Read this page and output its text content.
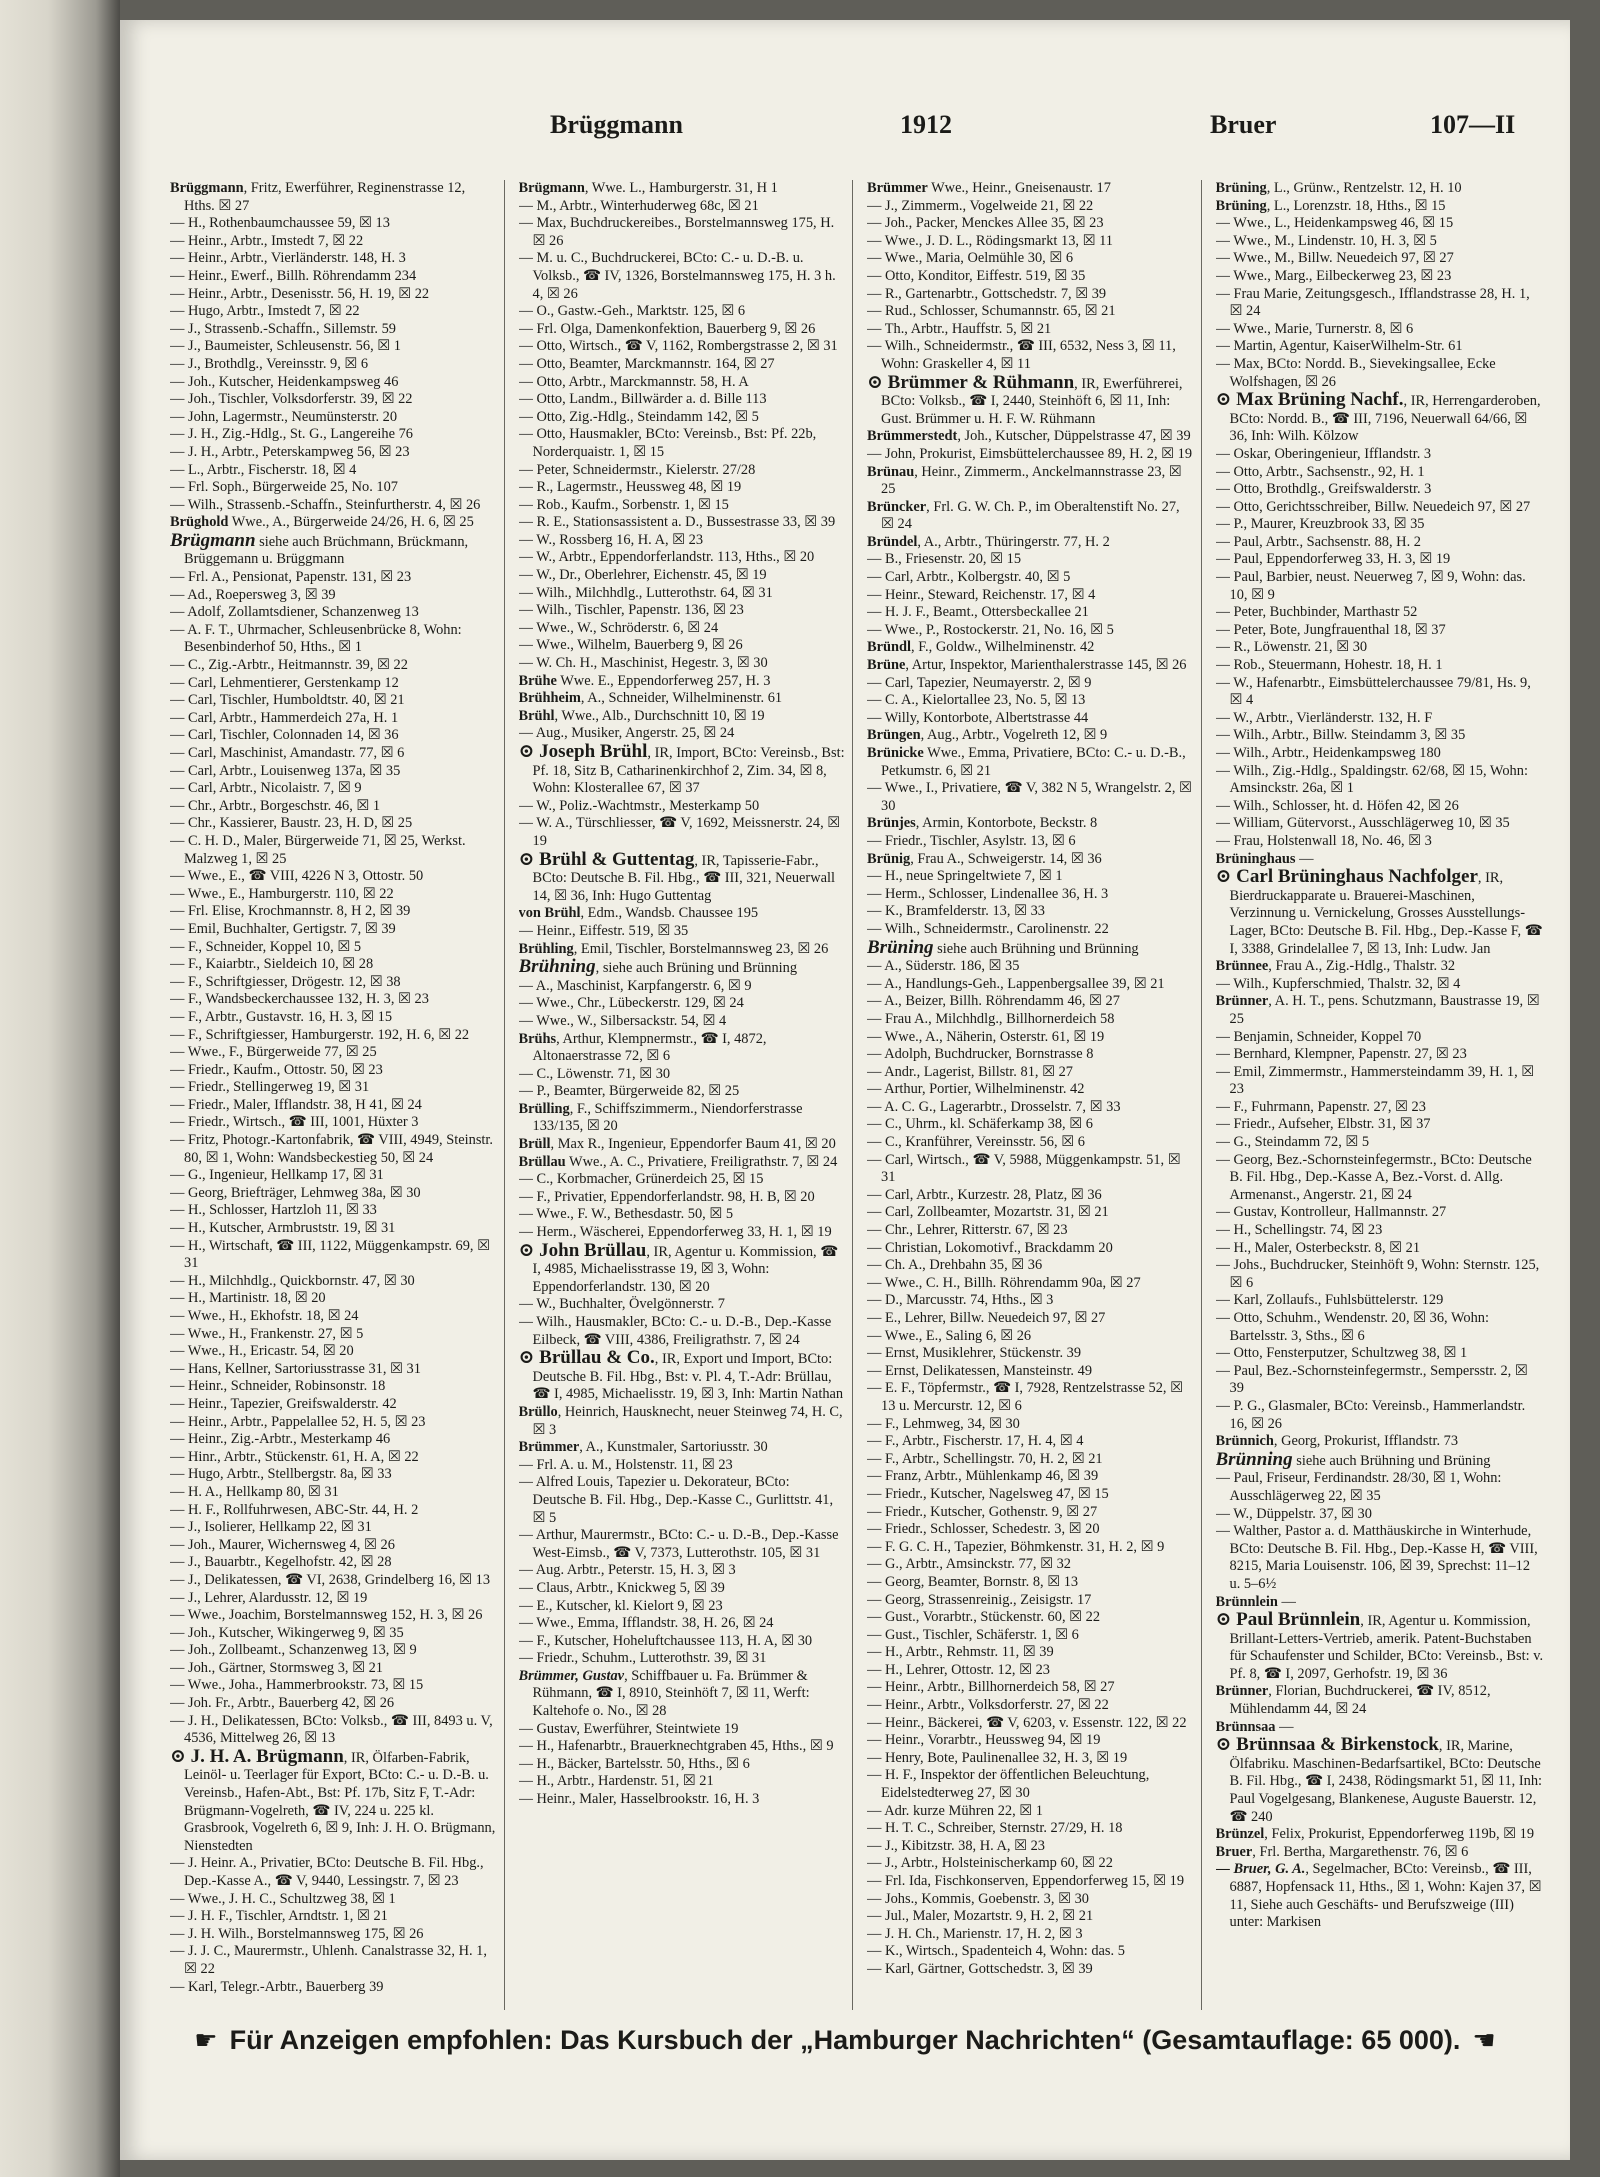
Brüggmann	1912	Bruer	107—II

Brüggmann, Fritz, Ewerführer, Reginenstrasse 12, Hths. ☒ 27

— H., Rothenbaumchaussee 59, ☒ 13

— Heinr., Arbtr., Imstedt 7, ☒ 22

— Heinr., Arbtr., Vierländerstr. 148, H. 3

— Heinr., Ewerf., Billh. Röhrendamm 234

— Heinr., Arbtr., Desenisstr. 56, H. 19, ☒ 22

— Hugo, Arbtr., Imstedt 7, ☒ 22

— J., Strassenb.-Schaffn., Sillemstr. 59

— J., Baumeister, Schleusenstr. 56, ☒ 1

— J., Brothdlg., Vereinsstr. 9, ☒ 6

— Joh., Kutscher, Heidenkampsweg 46

— Joh., Tischler, Volksdorferstr. 39, ☒ 22

— John, Lagermstr., Neumünsterstr. 20

— J. H., Zig.-Hdlg., St. G., Langereihe 76

— J. H., Arbtr., Peterskampweg 56, ☒ 23

— L., Arbtr., Fischerstr. 18, ☒ 4

— Frl. Soph., Bürgerweide 25, No. 107

— Wilh., Strassenb.-Schaffn., Steinfurtherstr. 4, ☒ 26

Brüghold Wwe., A., Bürgerweide 24/26, H. 6, ☒ 25

Brügmann siehe auch Brüchmann, Brückmann, Brüggemann u. Brüggmann

— Frl. A., Pensionat, Papenstr. 131, ☒ 23

— Ad., Roepersweg 3, ☒ 39

— Adolf, Zollamtsdiener, Schanzenweg 13

— A. F. T., Uhrmacher, Schleusenbrücke 8, Wohn: Besenbinderhof 50, Hths., ☒ 1

— C., Zig.-Arbtr., Heitmannstr. 39, ☒ 22

— Carl, Lehmentierer, Gerstenkamp 12

— Carl, Tischler, Humboldtstr. 40, ☒ 21

— Carl, Arbtr., Hammerdeich 27a, H. 1

— Carl, Tischler, Colonnaden 14, ☒ 36

— Carl, Maschinist, Amandastr. 77, ☒ 6

— Carl, Arbtr., Louisenweg 137a, ☒ 35

— Carl, Arbtr., Nicolaistr. 7, ☒ 9

— Chr., Arbtr., Borgeschstr. 46, ☒ 1

— Chr., Kassierer, Baustr. 23, H. D, ☒ 25

— C. H. D., Maler, Bürgerweide 71, ☒ 25, Werkst. Malzweg 1, ☒ 25

— Wwe., E., ☎ VIII, 4226 N 3, Ottostr. 50

— Wwe., E., Hamburgerstr. 110, ☒ 22

— Frl. Elise, Krochmannstr. 8, H 2, ☒ 39

— Emil, Buchhalter, Gertigstr. 7, ☒ 39

— F., Schneider, Koppel 10, ☒ 5

— F., Kaiarbtr., Sieldeich 10, ☒ 28

— F., Schriftgiesser, Drögestr. 12, ☒ 38

— F., Wandsbeckerchaussee 132, H. 3, ☒ 23

— F., Arbtr., Gustavstr. 16, H. 3, ☒ 15

— F., Schriftgiesser, Hamburgerstr. 192, H. 6, ☒ 22

— Wwe., F., Bürgerweide 77, ☒ 25

— Friedr., Kaufm., Ottostr. 50, ☒ 23

— Friedr., Stellingerweg 19, ☒ 31

— Friedr., Maler, Ifflandstr. 38, H 41, ☒ 24

— Friedr., Wirtsch., ☎ III, 1001, Hüxter 3

— Fritz, Photogr.-Kartonfabrik, ☎ VIII, 4949, Steinstr. 80, ☒ 1, Wohn: Wandsbeckestieg 50, ☒ 24

— G., Ingenieur, Hellkamp 17, ☒ 31

— Georg, Briefträger, Lehmweg 38a, ☒ 30

— H., Schlosser, Hartzloh 11, ☒ 33

— H., Kutscher, Armbruststr. 19, ☒ 31

— H., Wirtschaft, ☎ III, 1122, Müggenkampstr. 69, ☒ 31

— H., Milchhdlg., Quickbornstr. 47, ☒ 30

— H., Martinistr. 18, ☒ 20

— Wwe., H., Ekhofstr. 18, ☒ 24

— Wwe., H., Frankenstr. 27, ☒ 5

— Wwe., H., Ericastr. 54, ☒ 20

— Hans, Kellner, Sartoriusstrasse 31, ☒ 31

— Heinr., Schneider, Robinsonstr. 18

— Heinr., Tapezier, Greifswalderstr. 42

— Heinr., Arbtr., Pappelallee 52, H. 5, ☒ 23

— Heinr., Zig.-Arbtr., Mesterkamp 46

— Hinr., Arbtr., Stückenstr. 61, H. A, ☒ 22

— Hugo, Arbtr., Stellbergstr. 8a, ☒ 33

— H. A., Hellkamp 80, ☒ 31

— H. F., Rollfuhrwesen, ABC-Str. 44, H. 2

— J., Isolierer, Hellkamp 22, ☒ 31

— Joh., Maurer, Wichernsweg 4, ☒ 26

— J., Bauarbtr., Kegelhofstr. 42, ☒ 28

— J., Delikatessen, ☎ VI, 2638, Grindelberg 16, ☒ 13

— J., Lehrer, Alardusstr. 12, ☒ 19

— Wwe., Joachim, Borstelmannsweg 152, H. 3, ☒ 26

— Joh., Kutscher, Wikingerweg 9, ☒ 35

— Joh., Zollbeamt., Schanzenweg 13, ☒ 9

— Joh., Gärtner, Stormsweg 3, ☒ 21

— Wwe., Joha., Hammerbrookstr. 73, ☒ 15

— Joh. Fr., Arbtr., Bauerberg 42, ☒ 26

— J. H., Delikatessen, BCto: Volksb., ☎ III, 8493 u. V, 4536, Mittelweg 26, ☒ 13

⊙ J. H. A. Brügmann, IR, Ölfarben-Fabrik, Leinöl- u. Teerlager für Export, BCto: C.- u. D.-B. u. Vereinsb., Hafen-Abt., Bst: Pf. 17b, Sitz F, T.-Adr: Brügmann-Vogelreth, ☎ IV, 224 u. 225 kl. Grasbrook, Vogelreth 6, ☒ 9, Inh: J. H. O. Brügmann, Nienstedten

— J. Heinr. A., Privatier, BCto: Deutsche B. Fil. Hbg., Dep.-Kasse A., ☎ V, 9440, Lessingstr. 7, ☒ 23

— Wwe., J. H. C., Schultzweg 38, ☒ 1

— J. H. F., Tischler, Arndtstr. 1, ☒ 21

— J. H. Wilh., Borstelmannsweg 175, ☒ 26

— J. J. C., Maurermstr., Uhlenh. Canalstrasse 32, H. 1, ☒ 22

— Karl, Telegr.-Arbtr., Bauerberg 39

Brügmann, Wwe. L., Hamburgerstr. 31, H 1

— M., Arbtr., Winterhuderweg 68c, ☒ 21

— Max, Buchdruckereibes., Borstelmannsweg 175, H. ☒ 26

— M. u. C., Buchdruckerei, BCto: C.- u. D.-B. u. Volksb., ☎ IV, 1326, Borstelmannsweg 175, H. 3 h. 4, ☒ 26

— O., Gastw.-Geh., Marktstr. 125, ☒ 6

— Frl. Olga, Damenkonfektion, Bauerberg 9, ☒ 26

— Otto, Wirtsch., ☎ V, 1162, Rombergstrasse 2, ☒ 31

— Otto, Beamter, Marckmannstr. 164, ☒ 27

— Otto, Arbtr., Marckmannstr. 58, H. A

— Otto, Landm., Billwärder a. d. Bille 113

— Otto, Zig.-Hdlg., Steindamm 142, ☒ 5

— Otto, Hausmakler, BCto: Vereinsb., Bst: Pf. 22b, Norderquaistr. 1, ☒ 15

— Peter, Schneidermstr., Kielerstr. 27/28

— R., Lagermstr., Heussweg 48, ☒ 19

— Rob., Kaufm., Sorbenstr. 1, ☒ 15

— R. E., Stationsassistent a. D., Bussestrasse 33, ☒ 39

— W., Rossberg 16, H. A, ☒ 23

— W., Arbtr., Eppendorferlandstr. 113, Hths., ☒ 20

— W., Dr., Oberlehrer, Eichenstr. 45, ☒ 19

— Wilh., Milchhdlg., Lutterothstr. 64, ☒ 31

— Wilh., Tischler, Papenstr. 136, ☒ 23

— Wwe., W., Schröderstr. 6, ☒ 24

— Wwe., Wilhelm, Bauerberg 9, ☒ 26

— W. Ch. H., Maschinist, Hegestr. 3, ☒ 30

Brühe Wwe. E., Eppendorferweg 257, H. 3

Brühheim, A., Schneider, Wilhelminenstr. 61

Brühl, Wwe., Alb., Durchschnitt 10, ☒ 19

— Aug., Musiker, Angerstr. 25, ☒ 24

⊙ Joseph Brühl, IR, Import, BCto: Vereinsb., Bst: Pf. 18, Sitz B, Catharinenkirchhof 2, Zim. 34, ☒ 8, Wohn: Klosterallee 67, ☒ 37

— W., Poliz.-Wachtmstr., Mesterkamp 50

— W. A., Türschliesser, ☎ V, 1692, Meissnerstr. 24, ☒ 19

⊙ Brühl & Guttentag, IR, Tapisserie-Fabr., BCto: Deutsche B. Fil. Hbg., ☎ III, 321, Neuerwall 14, ☒ 36, Inh: Hugo Guttentag

von Brühl, Edm., Wandsb. Chaussee 195

— Heinr., Eiffestr. 519, ☒ 35

Brühling, Emil, Tischler, Borstelmannsweg 23, ☒ 26

Brühning, siehe auch Brüning und Brünning

— A., Maschinist, Karpfangerstr. 6, ☒ 9

— Wwe., Chr., Lübeckerstr. 129, ☒ 24

— Wwe., W., Silbersackstr. 54, ☒ 4

Brühs, Arthur, Klempnermstr., ☎ I, 4872, Altonaerstrasse 72, ☒ 6

— C., Löwenstr. 71, ☒ 30

— P., Beamter, Bürgerweide 82, ☒ 25

Brülling, F., Schiffszimmerm., Niendorferstrasse 133/135, ☒ 20

Brüll, Max R., Ingenieur, Eppendorfer Baum 41, ☒ 20

Brüllau Wwe., A. C., Privatiere, Freiligrathstr. 7, ☒ 24

— C., Korbmacher, Grünerdeich 25, ☒ 15

— F., Privatier, Eppendorferlandstr. 98, H. B, ☒ 20

— Wwe., F. W., Bethesdastr. 50, ☒ 5

— Herm., Wäscherei, Eppendorferweg 33, H. 1, ☒ 19

⊙ John Brüllau, IR, Agentur u. Kommission, ☎ I, 4985, Michaelisstrasse 19, ☒ 3, Wohn: Eppendorferlandstr. 130, ☒ 20

— W., Buchhalter, Övelgönnerstr. 7

— Wilh., Hausmakler, BCto: C.- u. D.-B., Dep.-Kasse Eilbeck, ☎ VIII, 4386, Freiligrathstr. 7, ☒ 24

⊙ Brüllau & Co., IR, Export und Import, BCto: Deutsche B. Fil. Hbg., Bst: v. Pl. 4, T.-Adr: Brüllau, ☎ I, 4985, Michaelisstr. 19, ☒ 3, Inh: Martin Nathan

Brüllo, Heinrich, Hausknecht, neuer Steinweg 74, H. C, ☒ 3

Brümmer, A., Kunstmaler, Sartoriusstr. 30

— Frl. A. u. M., Holstenstr. 11, ☒ 23

— Alfred Louis, Tapezier u. Dekorateur, BCto: Deutsche B. Fil. Hbg., Dep.-Kasse C., Gurlittstr. 41, ☒ 5

— Arthur, Maurermstr., BCto: C.- u. D.-B., Dep.-Kasse West-Eimsb., ☎ V, 7373, Lutterothstr. 105, ☒ 31

— Aug. Arbtr., Peterstr. 15, H. 3, ☒ 3

— Claus, Arbtr., Knickweg 5, ☒ 39

— E., Kutscher, kl. Kielort 9, ☒ 23

— Wwe., Emma, Ifflandstr. 38, H. 26, ☒ 24

— F., Kutscher, Hoheluftchaussee 113, H. A, ☒ 30

— Friedr., Schuhm., Lutterothstr. 39, ☒ 31

Brümmer, Gustav, Schiffbauer u. Fa. Brümmer & Rühmann, ☎ I, 8910, Steinhöft 7, ☒ 11, Werft: Kaltehofe o. No., ☒ 28

— Gustav, Ewerführer, Steintwiete 19

— H., Hafenarbtr., Brauerknechtgraben 45, Hths., ☒ 9

— H., Bäcker, Bartelsstr. 50, Hths., ☒ 6

— H., Arbtr., Hardenstr. 51, ☒ 21

— Heinr., Maler, Hasselbrookstr. 16, H. 3

Brümmer Wwe., Heinr., Gneisenaustr. 17

— J., Zimmerm., Vogelweide 21, ☒ 22

— Joh., Packer, Menckes Allee 35, ☒ 23

— Wwe., J. D. L., Rödingsmarkt 13, ☒ 11

— Wwe., Maria, Oelmühle 30, ☒ 6

— Otto, Konditor, Eiffestr. 519, ☒ 35

— R., Gartenarbtr., Gottschedstr. 7, ☒ 39

— Rud., Schlosser, Schumannstr. 65, ☒ 21

— Th., Arbtr., Hauffstr. 5, ☒ 21

— Wilh., Schneidermstr., ☎ III, 6532, Ness 3, ☒ 11, Wohn: Graskeller 4, ☒ 11

⊙ Brümmer & Rühmann, IR, Ewerführerei, BCto: Volksb., ☎ I, 2440, Steinhöft 6, ☒ 11, Inh: Gust. Brümmer u. H. F. W. Rühmann

Brümmerstedt, Joh., Kutscher, Düppelstrasse 47, ☒ 39

— John, Prokurist, Eimsbüttelerchaussee 89, H. 2, ☒ 19

Brünau, Heinr., Zimmerm., Anckelmannstrasse 23, ☒ 25

Brüncker, Frl. G. W. Ch. P., im Oberaltenstift No. 27, ☒ 24

Bründel, A., Arbtr., Thüringerstr. 77, H. 2

— B., Friesenstr. 20, ☒ 15

— Carl, Arbtr., Kolbergstr. 40, ☒ 5

— Heinr., Steward, Reichenstr. 17, ☒ 4

— H. J. F., Beamt., Ottersbeckallee 21

— Wwe., P., Rostockerstr. 21, No. 16, ☒ 5

Bründl, F., Goldw., Wilhelminenstr. 42

Brüne, Artur, Inspektor, Marienthalerstrasse 145, ☒ 26

— Carl, Tapezier, Neumayerstr. 2, ☒ 9

— C. A., Kielortallee 23, No. 5, ☒ 13

— Willy, Kontorbote, Albertstrasse 44

Brüngen, Aug., Arbtr., Vogelreth 12, ☒ 9

Brünicke Wwe., Emma, Privatiere, BCto: C.- u. D.-B., Petkumstr. 6, ☒ 21

— Wwe., I., Privatiere, ☎ V, 382 N 5, Wrangelstr. 2, ☒ 30

Brünjes, Armin, Kontorbote, Beckstr. 8

— Friedr., Tischler, Asylstr. 13, ☒ 6

Brünig, Frau A., Schweigerstr. 14, ☒ 36

— H., neue Springeltwiete 7, ☒ 1

— Herm., Schlosser, Lindenallee 36, H. 3

— K., Bramfelderstr. 13, ☒ 33

— Wilh., Schneidermstr., Carolinenstr. 22

Brüning siehe auch Brühning und Brünning

— A., Süderstr. 186, ☒ 35

— A., Handlungs-Geh., Lappenbergsallee 39, ☒ 21

— A., Beizer, Billh. Röhrendamm 46, ☒ 27

— Frau A., Milchhdlg., Billhornerdeich 58

— Wwe., A., Näherin, Osterstr. 61, ☒ 19

— Adolph, Buchdrucker, Bornstrasse 8

— Andr., Lagerist, Billstr. 81, ☒ 27

— Arthur, Portier, Wilhelminenstr. 42

— A. C. G., Lagerarbtr., Drosselstr. 7, ☒ 33

— C., Uhrm., kl. Schäferkamp 38, ☒ 6

— C., Kranführer, Vereinsstr. 56, ☒ 6

— Carl, Wirtsch., ☎ V, 5988, Müggenkampstr. 51, ☒ 31

— Carl, Arbtr., Kurzestr. 28, Platz, ☒ 36

— Carl, Zollbeamter, Mozartstr. 31, ☒ 21

— Chr., Lehrer, Ritterstr. 67, ☒ 23

— Christian, Lokomotivf., Brackdamm 20

— Ch. A., Drehbahn 35, ☒ 36

— Wwe., C. H., Billh. Röhrendamm 90a, ☒ 27

— D., Marcusstr. 74, Hths., ☒ 3

— E., Lehrer, Billw. Neuedeich 97, ☒ 27

— Wwe., E., Saling 6, ☒ 26

— Ernst, Musiklehrer, Stückenstr. 39

— Ernst, Delikatessen, Mansteinstr. 49

— E. F., Töpfermstr., ☎ I, 7928, Rentzelstrasse 52, ☒ 13 u. Mercurstr. 12, ☒ 6

— F., Lehmweg, 34, ☒ 30

— F., Arbtr., Fischerstr. 17, H. 4, ☒ 4

— F., Arbtr., Schellingstr. 70, H. 2, ☒ 21

— Franz, Arbtr., Mühlenkamp 46, ☒ 39

— Friedr., Kutscher, Nagelsweg 47, ☒ 15

— Friedr., Kutscher, Gothenstr. 9, ☒ 27

— Friedr., Schlosser, Schedestr. 3, ☒ 20

— F. G. C. H., Tapezier, Böhmkenstr. 31, H. 2, ☒ 9

— G., Arbtr., Amsinckstr. 77, ☒ 32

— Georg, Beamter, Bornstr. 8, ☒ 13

— Georg, Strassenreinig., Zeisigstr. 17

— Gust., Vorarbtr., Stückenstr. 60, ☒ 22

— Gust., Tischler, Schäferstr. 1, ☒ 6

— H., Arbtr., Rehmstr. 11, ☒ 39

— H., Lehrer, Ottostr. 12, ☒ 23

— Heinr., Arbtr., Billhornerdeich 58, ☒ 27

— Heinr., Arbtr., Volksdorferstr. 27, ☒ 22

— Heinr., Bäckerei, ☎ V, 6203, v. Essenstr. 122, ☒ 22

— Heinr., Vorarbtr., Heussweg 94, ☒ 19

— Henry, Bote, Paulinenallee 32, H. 3, ☒ 19

— H. F., Inspektor der öffentlichen Beleuchtung, Eidelstedterweg 27, ☒ 30

— Adr. kurze Mühren 22, ☒ 1

— H. T. C., Schreiber, Sternstr. 27/29, H. 18

— J., Kibitzstr. 38, H. A, ☒ 23

— J., Arbtr., Holsteinischerkamp 60, ☒ 22

— Frl. Ida, Fischkonserven, Eppendorferweg 15, ☒ 19

— Johs., Kommis, Goebenstr. 3, ☒ 30

— Jul., Maler, Mozartstr. 9, H. 2, ☒ 21

— J. H. Ch., Marienstr. 17, H. 2, ☒ 3

— K., Wirtsch., Spadenteich 4, Wohn: das. 5

— Karl, Gärtner, Gottschedstr. 3, ☒ 39

Brüning, L., Grünw., Rentzelstr. 12, H. 10

Brüning, L., Lorenzstr. 18, Hths., ☒ 15

— Wwe., L., Heidenkampsweg 46, ☒ 15

— Wwe., M., Lindenstr. 10, H. 3, ☒ 5

— Wwe., M., Billw. Neuedeich 97, ☒ 27

— Wwe., Marg., Eilbeckerweg 23, ☒ 23

— Frau Marie, Zeitungsgesch., Ifflandstrasse 28, H. 1, ☒ 24

— Wwe., Marie, Turnerstr. 8, ☒ 6

— Martin, Agentur, KaiserWilhelm-Str. 61

— Max, BCto: Nordd. B., Sievekingsallee, Ecke Wolfshagen, ☒ 26

⊙ Max Brüning Nachf., IR, Herrengarderoben, BCto: Nordd. B., ☎ III, 7196, Neuerwall 64/66, ☒ 36, Inh: Wilh. Kölzow

— Oskar, Oberingenieur, Ifflandstr. 3

— Otto, Arbtr., Sachsenstr., 92, H. 1

— Otto, Brothdlg., Greifswalderstr. 3

— Otto, Gerichtsschreiber, Billw. Neuedeich 97, ☒ 27

— P., Maurer, Kreuzbrook 33, ☒ 35

— Paul, Arbtr., Sachsenstr. 88, H. 2

— Paul, Eppendorferweg 33, H. 3, ☒ 19

— Paul, Barbier, neust. Neuerweg 7, ☒ 9, Wohn: das. 10, ☒ 9

— Peter, Buchbinder, Marthastr 52

— Peter, Bote, Jungfrauenthal 18, ☒ 37

— R., Löwenstr. 21, ☒ 30

— Rob., Steuermann, Hohestr. 18, H. 1

— W., Hafenarbtr., Eimsbüttelerchaussee 79/81, Hs. 9, ☒ 4

— W., Arbtr., Vierländerstr. 132, H. F

— Wilh., Arbtr., Billw. Steindamm 3, ☒ 35

— Wilh., Arbtr., Heidenkampsweg 180

— Wilh., Zig.-Hdlg., Spaldingstr. 62/68, ☒ 15, Wohn: Amsinckstr. 26a, ☒ 1

— Wilh., Schlosser, ht. d. Höfen 42, ☒ 26

— William, Gütervorst., Ausschlägerweg 10, ☒ 35

— Frau, Holstenwall 18, No. 46, ☒ 3

Brüninghaus —

⊙ Carl Brüninghaus Nachfolger, IR, Bierdruckapparate u. Brauerei-Maschinen, Verzinnung u. Vernickelung, Grosses Ausstellungs-Lager, BCto: Deutsche B. Fil. Hbg., Dep.-Kasse F, ☎ I, 3388, Grindelallee 7, ☒ 13, Inh: Ludw. Jan

Brünnee, Frau A., Zig.-Hdlg., Thalstr. 32

— Wilh., Kupferschmied, Thalstr. 32, ☒ 4

Brünner, A. H. T., pens. Schutzmann, Baustrasse 19, ☒ 25

— Benjamin, Schneider, Koppel 70

— Bernhard, Klempner, Papenstr. 27, ☒ 23

— Emil, Zimmermstr., Hammersteindamm 39, H. 1, ☒ 23

— F., Fuhrmann, Papenstr. 27, ☒ 23

— Friedr., Aufseher, Elbstr. 31, ☒ 37

— G., Steindamm 72, ☒ 5

— Georg, Bez.-Schornsteinfegermstr., BCto: Deutsche B. Fil. Hbg., Dep.-Kasse A, Bez.-Vorst. d. Allg. Armenanst., Angerstr. 21, ☒ 24

— Gustav, Kontrolleur, Hallmannstr. 27

— H., Schellingstr. 74, ☒ 23

— H., Maler, Osterbeckstr. 8, ☒ 21

— Johs., Buchdrucker, Steinhöft 9, Wohn: Sternstr. 125, ☒ 6

— Karl, Zollaufs., Fuhlsbüttelerstr. 129

— Otto, Schuhm., Wendenstr. 20, ☒ 36, Wohn: Bartelsstr. 3, Sths., ☒ 6

— Otto, Fensterputzer, Schultzweg 38, ☒ 1

— Paul, Bez.-Schornsteinfegermstr., Sempersstr. 2, ☒ 39

— P. G., Glasmaler, BCto: Vereinsb., Hammerlandstr. 16, ☒ 26

Brünnich, Georg, Prokurist, Ifflandstr. 73

Brünning siehe auch Brühning und Brüning

— Paul, Friseur, Ferdinandstr. 28/30, ☒ 1, Wohn: Ausschlägerweg 22, ☒ 35

— W., Düppelstr. 37, ☒ 30

— Walther, Pastor a. d. Matthäuskirche in Winterhude, BCto: Deutsche B. Fil. Hbg., Dep.-Kasse H, ☎ VIII, 8215, Maria Louisenstr. 106, ☒ 39, Sprechst: 11–12 u. 5–6½

Brünnlein —

⊙ Paul Brünnlein, IR, Agentur u. Kommission, Brillant-Letters-Vertrieb, amerik. Patent-Buchstaben für Schaufenster und Schilder, BCto: Vereinsb., Bst: v. Pf. 8, ☎ I, 2097, Gerhofstr. 19, ☒ 36

Brünner, Florian, Buchdruckerei, ☎ IV, 8512, Mühlendamm 44, ☒ 24

Brünnsaa —

⊙ Brünnsaa & Birkenstock, IR, Marine, Ölfabriku. Maschinen-Bedarfsartikel, BCto: Deutsche B. Fil. Hbg., ☎ I, 2438, Rödingsmarkt 51, ☒ 11, Inh: Paul Vogelgesang, Blankenese, Auguste Bauerstr. 12, ☎ 240

Brünzel, Felix, Prokurist, Eppendorferweg 119b, ☒ 19

Bruer, Frl. Bertha, Margarethenstr. 76, ☒ 6

— Bruer, G. A., Segelmacher, BCto: Vereinsb., ☎ III, 6887, Hopfensack 11, Hths., ☒ 1, Wohn: Kajen 37, ☒ 11, Siehe auch Geschäfts- und Berufszweige (III) unter: Markisen

☛ Für Anzeigen empfohlen: Das Kursbuch der „Hamburger Nachrichten“ (Gesamtauflage: 65 000). ☚
